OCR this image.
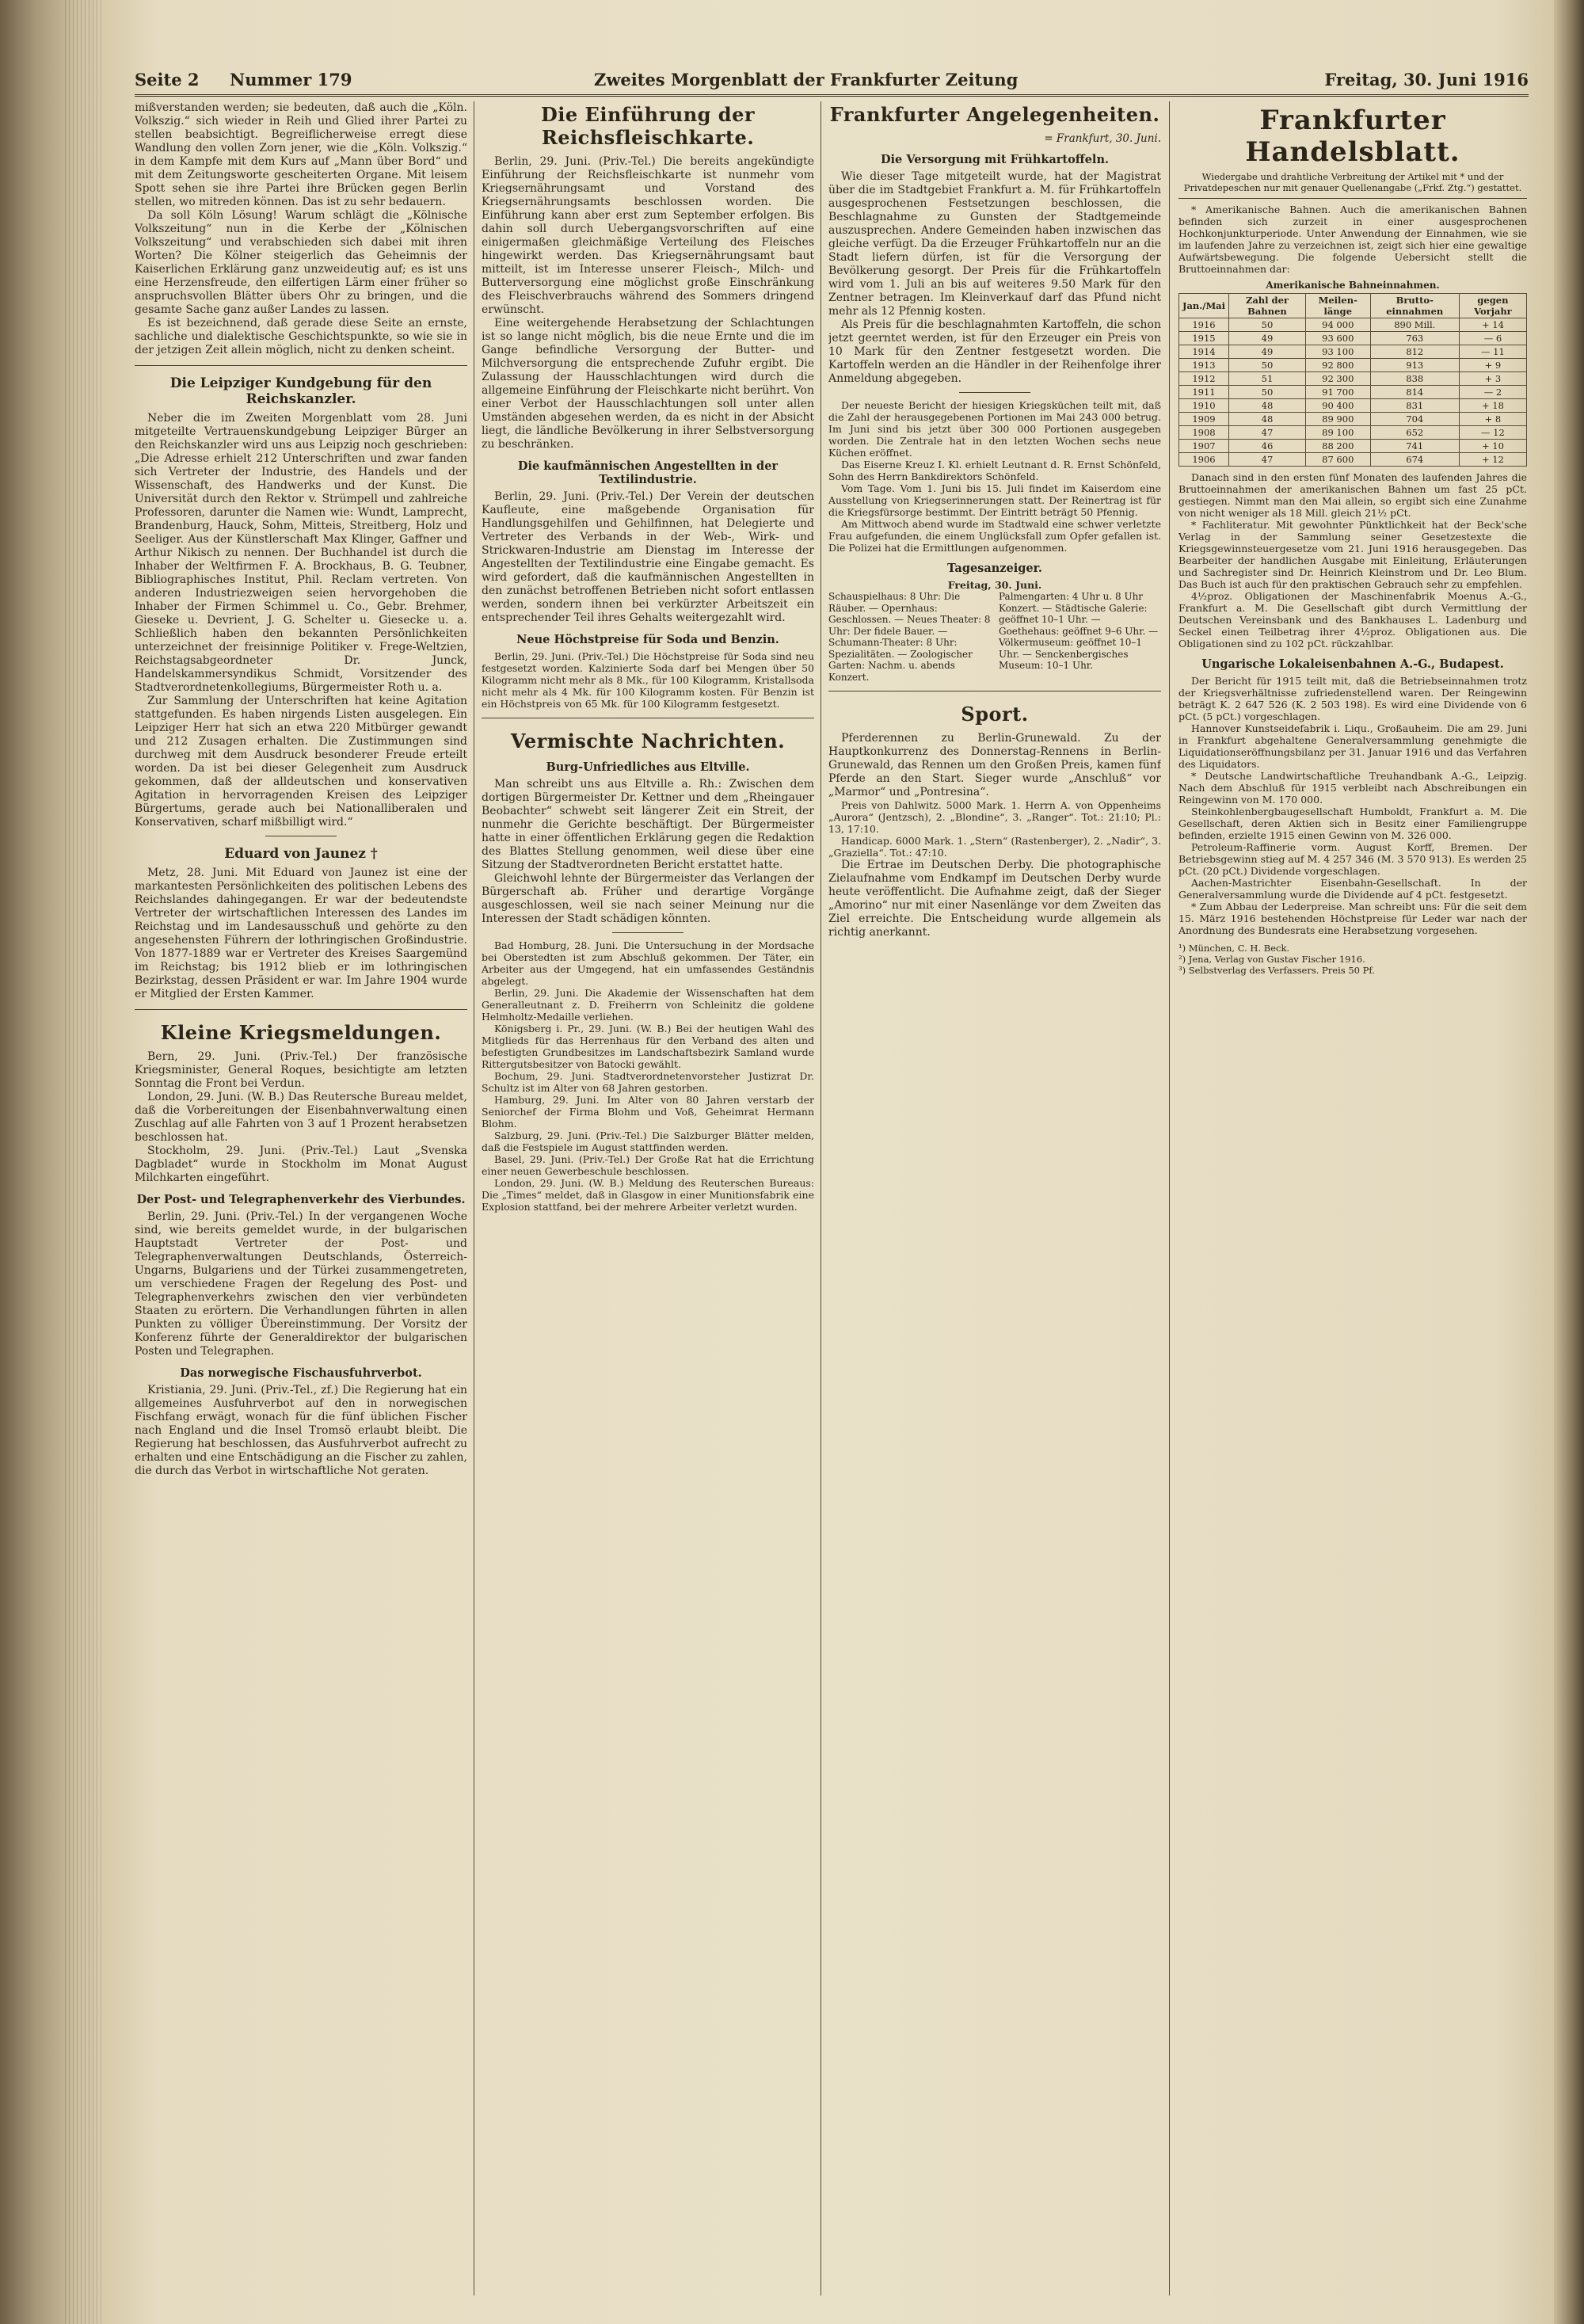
Seite 2 Nummer 179	Zweites Morgenblatt der Frankfurter Zeitung	Freitag, 30. Juni 1916

mißverstanden werden; sie bedeuten, daß auch die „Köln. Volkszig.“ sich wieder in Reih und Glied ihrer Partei zu stellen beabsichtigt. Begreiflicherweise erregt diese Wandlung den vollen Zorn jener, wie die „Köln. Volkszig.“ in dem Kampfe mit dem Kurs auf „Mann über Bord“ und mit dem Zeitungsworte gescheiterten Organe. Mit leisem Spott sehen sie ihre Partei ihre Brücken gegen Berlin stellen, wo mitreden können. Das ist zu sehr bedauern.

Da soll Köln Lösung! Warum schlägt die „Kölnische Volkszeitung“ nun in die Kerbe der „Kölnischen Volkszeitung“ und verabschieden sich dabei mit ihren Worten? Die Kölner steigerlich das Geheimnis der Kaiserlichen Erklärung ganz unzweideutig auf; es ist uns eine Herzensfreude, den eilfertigen Lärm einer früher so anspruchsvollen Blätter übers Ohr zu bringen, und die gesamte Sache ganz außer Landes zu lassen.

Es ist bezeichnend, daß gerade diese Seite an ernste, sachliche und dialektische Geschichtspunkte, so wie sie in der jetzigen Zeit allein möglich, nicht zu denken scheint.

Die Leipziger Kundgebung für den Reichskanzler.

Neber die im Zweiten Morgenblatt vom 28. Juni mitgeteilte Vertrauenskundgebung Leipziger Bürger an den Reichskanzler wird uns aus Leipzig noch geschrieben: „Die Adresse erhielt 212 Unterschriften und zwar fanden sich Vertreter der Industrie, des Handels und der Wissenschaft, des Handwerks und der Kunst. Die Universität durch den Rektor v. Strümpell und zahlreiche Professoren, darunter die Namen wie: Wundt, Lamprecht, Brandenburg, Hauck, Sohm, Mitteis, Streitberg, Holz und Seeliger. Aus der Künstlerschaft Max Klinger, Gaffner und Arthur Nikisch zu nennen. Der Buchhandel ist durch die Inhaber der Weltfirmen F. A. Brockhaus, B. G. Teubner, Bibliographisches Institut, Phil. Reclam vertreten. Von anderen Industriezweigen seien hervorgehoben die Inhaber der Firmen Schimmel u. Co., Gebr. Brehmer, Gieseke u. Devrient, J. G. Schelter u. Giesecke u. a. Schließlich haben den bekannten Persönlichkeiten unterzeichnet der freisinnige Politiker v. Frege-Weltzien, Reichstagsabgeordneter Dr. Junck, Handelskammersyndikus Schmidt, Vorsitzender des Stadtverordnetenkollegiums, Bürgermeister Roth u. a.

Zur Sammlung der Unterschriften hat keine Agitation stattgefunden. Es haben nirgends Listen ausgelegen. Ein Leipziger Herr hat sich an etwa 220 Mitbürger gewandt und 212 Zusagen erhalten. Die Zustimmungen sind durchweg mit dem Ausdruck besonderer Freude erteilt worden. Da ist bei dieser Gelegenheit zum Ausdruck gekommen, daß der alldeutschen und konservativen Agitation in hervorragenden Kreisen des Leipziger Bürgertums, gerade auch bei Nationalliberalen und Konservativen, scharf mißbilligt wird.“

Eduard von Jaunez †

Metz, 28. Juni. Mit Eduard von Jaunez ist eine der markantesten Persönlichkeiten des politischen Lebens des Reichslandes dahingegangen. Er war der bedeutendste Vertreter der wirtschaftlichen Interessen des Landes im Reichstag und im Landesausschuß und gehörte zu den angesehensten Führern der lothringischen Großindustrie. Von 1877-1889 war er Vertreter des Kreises Saargemünd im Reichstag; bis 1912 blieb er im lothringischen Bezirkstag, dessen Präsident er war. Im Jahre 1904 wurde er Mitglied der Ersten Kammer.

Kleine Kriegsmeldungen.

Bern, 29. Juni. (Priv.-Tel.) Der französische Kriegsminister, General Roques, besichtigte am letzten Sonntag die Front bei Verdun.

London, 29. Juni. (W. B.) Das Reutersche Bureau meldet, daß die Vorbereitungen der Eisenbahnverwaltung einen Zuschlag auf alle Fahrten von 3 auf 1 Prozent herabsetzen beschlossen hat.

Stockholm, 29. Juni. (Priv.-Tel.) Laut „Svenska Dagbladet“ wurde in Stockholm im Monat August Milchkarten eingeführt.

Der Post- und Telegraphenverkehr des Vierbundes.

Berlin, 29. Juni. (Priv.-Tel.) In der vergangenen Woche sind, wie bereits gemeldet wurde, in der bulgarischen Hauptstadt Vertreter der Post- und Telegraphenverwaltungen Deutschlands, Österreich-Ungarns, Bulgariens und der Türkei zusammengetreten, um verschiedene Fragen der Regelung des Post- und Telegraphenverkehrs zwischen den vier verbündeten Staaten zu erörtern. Die Verhandlungen führten in allen Punkten zu völliger Übereinstimmung. Der Vorsitz der Konferenz führte der Generaldirektor der bulgarischen Posten und Telegraphen.

Das norwegische Fischausfuhrverbot.

Kristiania, 29. Juni. (Priv.-Tel., zf.) Die Regierung hat ein allgemeines Ausfuhrverbot auf den in norwegischen Fischfang erwägt, wonach für die fünf üblichen Fischer nach England und die Insel Tromsö erlaubt bleibt. Die Regierung hat beschlossen, das Ausfuhrverbot aufrecht zu erhalten und eine Entschädigung an die Fischer zu zahlen, die durch das Verbot in wirtschaftliche Not geraten.

Die Einführung der Reichsfleischkarte.

Berlin, 29. Juni. (Priv.-Tel.) Die bereits angekündigte Einführung der Reichsfleischkarte ist nunmehr vom Kriegsernährungsamt und Vorstand des Kriegsernährungsamts beschlossen worden. Die Einführung kann aber erst zum September erfolgen. Bis dahin soll durch Uebergangsvorschriften auf eine einigermaßen gleichmäßige Verteilung des Fleisches hingewirkt werden. Das Kriegsernährungsamt baut mitteilt, ist im Interesse unserer Fleisch-, Milch- und Butterversorgung eine möglichst große Einschränkung des Fleischverbrauchs während des Sommers dringend erwünscht.

Eine weitergehende Herabsetzung der Schlachtungen ist so lange nicht möglich, bis die neue Ernte und die im Gange befindliche Versorgung der Butter- und Milchversorgung die entsprechende Zufuhr ergibt. Die Zulassung der Hausschlachtungen wird durch die allgemeine Einführung der Fleischkarte nicht berührt. Von einer Verbot der Hausschlachtungen soll unter allen Umständen abgesehen werden, da es nicht in der Absicht liegt, die ländliche Bevölkerung in ihrer Selbstversorgung zu beschränken.

Die kaufmännischen Angestellten in der Textilindustrie.

Berlin, 29. Juni. (Priv.-Tel.) Der Verein der deutschen Kaufleute, eine maßgebende Organisation für Handlungsgehilfen und Gehilfinnen, hat Delegierte und Vertreter des Verbands in der Web-, Wirk- und Strickwaren-Industrie am Dienstag im Interesse der Angestellten der Textilindustrie eine Eingabe gemacht. Es wird gefordert, daß die kaufmännischen Angestellten in den zunächst betroffenen Betrieben nicht sofort entlassen werden, sondern ihnen bei verkürzter Arbeitszeit ein entsprechender Teil ihres Gehalts weitergezahlt wird.

Neue Höchstpreise für Soda und Benzin.

Berlin, 29. Juni. (Priv.-Tel.) Die Höchstpreise für Soda sind neu festgesetzt worden. Kalzinierte Soda darf bei Mengen über 50 Kilogramm nicht mehr als 8 Mk., für 100 Kilogramm, Kristallsoda nicht mehr als 4 Mk. für 100 Kilogramm kosten. Für Benzin ist ein Höchstpreis von 65 Mk. für 100 Kilogramm festgesetzt.

Vermischte Nachrichten.
Burg-Unfriedliches aus Eltville.

Man schreibt uns aus Eltville a. Rh.: Zwischen dem dortigen Bürgermeister Dr. Kettner und dem „Rheingauer Beobachter“ schwebt seit längerer Zeit ein Streit, der nunmehr die Gerichte beschäftigt. Der Bürgermeister hatte in einer öffentlichen Erklärung gegen die Redaktion des Blattes Stellung genommen, weil diese über eine Sitzung der Stadtverordneten Bericht erstattet hatte.

Gleichwohl lehnte der Bürgermeister das Verlangen der Bürgerschaft ab. Früher und derartige Vorgänge ausgeschlossen, weil sie nach seiner Meinung nur die Interessen der Stadt schädigen könnten.

Bad Homburg, 28. Juni. Die Untersuchung in der Mordsache bei Oberstedten ist zum Abschluß gekommen. Der Täter, ein Arbeiter aus der Umgegend, hat ein umfassendes Geständnis abgelegt.

Berlin, 29. Juni. Die Akademie der Wissenschaften hat dem Generalleutnant z. D. Freiherrn von Schleinitz die goldene Helmholtz-Medaille verliehen.

Königsberg i. Pr., 29. Juni. (W. B.) Bei der heutigen Wahl des Mitglieds für das Herrenhaus für den Verband des alten und befestigten Grundbesitzes im Landschaftsbezirk Samland wurde Rittergutsbesitzer von Batocki gewählt.

Bochum, 29. Juni. Stadtverordnetenvorsteher Justizrat Dr. Schultz ist im Alter von 68 Jahren gestorben.

Hamburg, 29. Juni. Im Alter von 80 Jahren verstarb der Seniorchef der Firma Blohm und Voß, Geheimrat Hermann Blohm.

Salzburg, 29. Juni. (Priv.-Tel.) Die Salzburger Blätter melden, daß die Festspiele im August stattfinden werden.

Basel, 29. Juni. (Priv.-Tel.) Der Große Rat hat die Errichtung einer neuen Gewerbeschule beschlossen.

London, 29. Juni. (W. B.) Meldung des Reuterschen Bureaus: Die „Times“ meldet, daß in Glasgow in einer Munitionsfabrik eine Explosion stattfand, bei der mehrere Arbeiter verletzt wurden.

Frankfurter Angelegenheiten.

= Frankfurt, 30. Juni.

Die Versorgung mit Frühkartoffeln.

Wie dieser Tage mitgeteilt wurde, hat der Magistrat über die im Stadtgebiet Frankfurt a. M. für Frühkartoffeln ausgesprochenen Festsetzungen beschlossen, die Beschlagnahme zu Gunsten der Stadtgemeinde auszusprechen. Andere Gemeinden haben inzwischen das gleiche verfügt. Da die Erzeuger Frühkartoffeln nur an die Stadt liefern dürfen, ist für die Versorgung der Bevölkerung gesorgt. Der Preis für die Frühkartoffeln wird vom 1. Juli an bis auf weiteres 9.50 Mark für den Zentner betragen. Im Kleinverkauf darf das Pfund nicht mehr als 12 Pfennig kosten.

Als Preis für die beschlagnahmten Kartoffeln, die schon jetzt geerntet werden, ist für den Erzeuger ein Preis von 10 Mark für den Zentner festgesetzt worden. Die Kartoffeln werden an die Händler in der Reihenfolge ihrer Anmeldung abgegeben.

Der neueste Bericht der hiesigen Kriegsküchen teilt mit, daß die Zahl der herausgegebenen Portionen im Mai 243 000 betrug. Im Juni sind bis jetzt über 300 000 Portionen ausgegeben worden. Die Zentrale hat in den letzten Wochen sechs neue Küchen eröffnet.

Das Eiserne Kreuz I. Kl. erhielt Leutnant d. R. Ernst Schönfeld, Sohn des Herrn Bankdirektors Schönfeld.

Vom Tage. Vom 1. Juni bis 15. Juli findet im Kaiserdom eine Ausstellung von Kriegserinnerungen statt. Der Reinertrag ist für die Kriegsfürsorge bestimmt. Der Eintritt beträgt 50 Pfennig.

Am Mittwoch abend wurde im Stadtwald eine schwer verletzte Frau aufgefunden, die einem Unglücksfall zum Opfer gefallen ist. Die Polizei hat die Ermittlungen aufgenommen.

Tagesanzeiger.

Freitag, 30. Juni.

Schauspielhaus: 8 Uhr: Die Räuber. — Opernhaus: Geschlossen. — Neues Theater: 8 Uhr: Der fidele Bauer. — Schumann-Theater: 8 Uhr: Spezialitäten. — Zoologischer Garten: Nachm. u. abends Konzert.
Palmengarten: 4 Uhr u. 8 Uhr Konzert. — Städtische Galerie: geöffnet 10–1 Uhr. — Goethehaus: geöffnet 9–6 Uhr. — Völkermuseum: geöffnet 10–1 Uhr. — Senckenbergisches Museum: 10–1 Uhr.
Sport.

Pferderennen zu Berlin-Grunewald. Zu der Hauptkonkurrenz des Donnerstag-Rennens in Berlin-Grunewald, das Rennen um den Großen Preis, kamen fünf Pferde an den Start. Sieger wurde „Anschluß“ vor „Marmor“ und „Pontresina“.

Preis von Dahlwitz. 5000 Mark. 1. Herrn A. von Oppenheims „Aurora“ (Jentzsch), 2. „Blondine“, 3. „Ranger“. Tot.: 21:10; Pl.: 13, 17:10.

Handicap. 6000 Mark. 1. „Stern“ (Rastenberger), 2. „Nadir“, 3. „Graziella“. Tot.: 47:10.

Die Ertrae im Deutschen Derby. Die photographische Zielaufnahme vom Endkampf im Deutschen Derby wurde heute veröffentlicht. Die Aufnahme zeigt, daß der Sieger „Amorino“ nur mit einer Nasenlänge vor dem Zweiten das Ziel erreichte. Die Entscheidung wurde allgemein als richtig anerkannt.

Frankfurter Handelsblatt.

Wiedergabe und drahtliche Verbreitung der Artikel mit * und der Privatdepeschen nur mit genauer Quellenangabe („Frkf. Ztg.“) gestattet.

* Amerikanische Bahnen. Auch die amerikanischen Bahnen befinden sich zurzeit in einer ausgesprochenen Hochkonjunkturperiode. Unter Anwendung der Einnahmen, wie sie im laufenden Jahre zu verzeichnen ist, zeigt sich hier eine gewaltige Aufwärtsbewegung. Die folgende Uebersicht stellt die Bruttoeinnahmen dar:

Amerikanische Bahneinnahmen.
Jan./Mai	Zahl der Bahnen	Meilen-länge	Brutto-einnahmen	gegen Vorjahr
1916	50	94 000	890 Mill.	+ 14
1915	49	93 600	763	— 6
1914	49	93 100	812	— 11
1913	50	92 800	913	+ 9
1912	51	92 300	838	+ 3
1911	50	91 700	814	— 2
1910	48	90 400	831	+ 18
1909	48	89 900	704	+ 8
1908	47	89 100	652	— 12
1907	46	88 200	741	+ 10
1906	47	87 600	674	+ 12

Danach sind in den ersten fünf Monaten des laufenden Jahres die Bruttoeinnahmen der amerikanischen Bahnen um fast 25 pCt. gestiegen. Nimmt man den Mai allein, so ergibt sich eine Zunahme von nicht weniger als 18 Mill. gleich 21½ pCt.

* Fachliteratur. Mit gewohnter Pünktlichkeit hat der Beck'sche Verlag in der Sammlung seiner Gesetzestexte die Kriegsgewinnsteuergesetze vom 21. Juni 1916 herausgegeben. Das Bearbeiter der handlichen Ausgabe mit Einleitung, Erläuterungen und Sachregister sind Dr. Heinrich Kleinstrom und Dr. Leo Blum. Das Buch ist auch für den praktischen Gebrauch sehr zu empfehlen.

4½proz. Obligationen der Maschinenfabrik Moenus A.-G., Frankfurt a. M. Die Gesellschaft gibt durch Vermittlung der Deutschen Vereinsbank und des Bankhauses L. Ladenburg und Seckel einen Teilbetrag ihrer 4½proz. Obligationen aus. Die Obligationen sind zu 102 pCt. rückzahlbar.

Ungarische Lokaleisenbahnen A.-G., Budapest.

Der Bericht für 1915 teilt mit, daß die Betriebseinnahmen trotz der Kriegsverhältnisse zufriedenstellend waren. Der Reingewinn beträgt K. 2 647 526 (K. 2 503 198). Es wird eine Dividende von 6 pCt. (5 pCt.) vorgeschlagen.

Hannover Kunstseidefabrik i. Liqu., Großauheim. Die am 29. Juni in Frankfurt abgehaltene Generalversammlung genehmigte die Liquidationseröffnungsbilanz per 31. Januar 1916 und das Verfahren des Liquidators.

* Deutsche Landwirtschaftliche Treuhandbank A.-G., Leipzig. Nach dem Abschluß für 1915 verbleibt nach Abschreibungen ein Reingewinn von M. 170 000.

Steinkohlenbergbaugesellschaft Humboldt, Frankfurt a. M. Die Gesellschaft, deren Aktien sich in Besitz einer Familiengruppe befinden, erzielte 1915 einen Gewinn von M. 326 000.

Petroleum-Raffinerie vorm. August Korff, Bremen. Der Betriebsgewinn stieg auf M. 4 257 346 (M. 3 570 913). Es werden 25 pCt. (20 pCt.) Dividende vorgeschlagen.

Aachen-Mastrichter Eisenbahn-Gesellschaft. In der Generalversammlung wurde die Dividende auf 4 pCt. festgesetzt.

* Zum Abbau der Lederpreise. Man schreibt uns: Für die seit dem 15. März 1916 bestehenden Höchstpreise für Leder war nach der Anordnung des Bundesrats eine Herabsetzung vorgesehen.

¹) München, C. H. Beck.
²) Jena, Verlag von Gustav Fischer 1916.
³) Selbstverlag des Verfassers. Preis 50 Pf.
